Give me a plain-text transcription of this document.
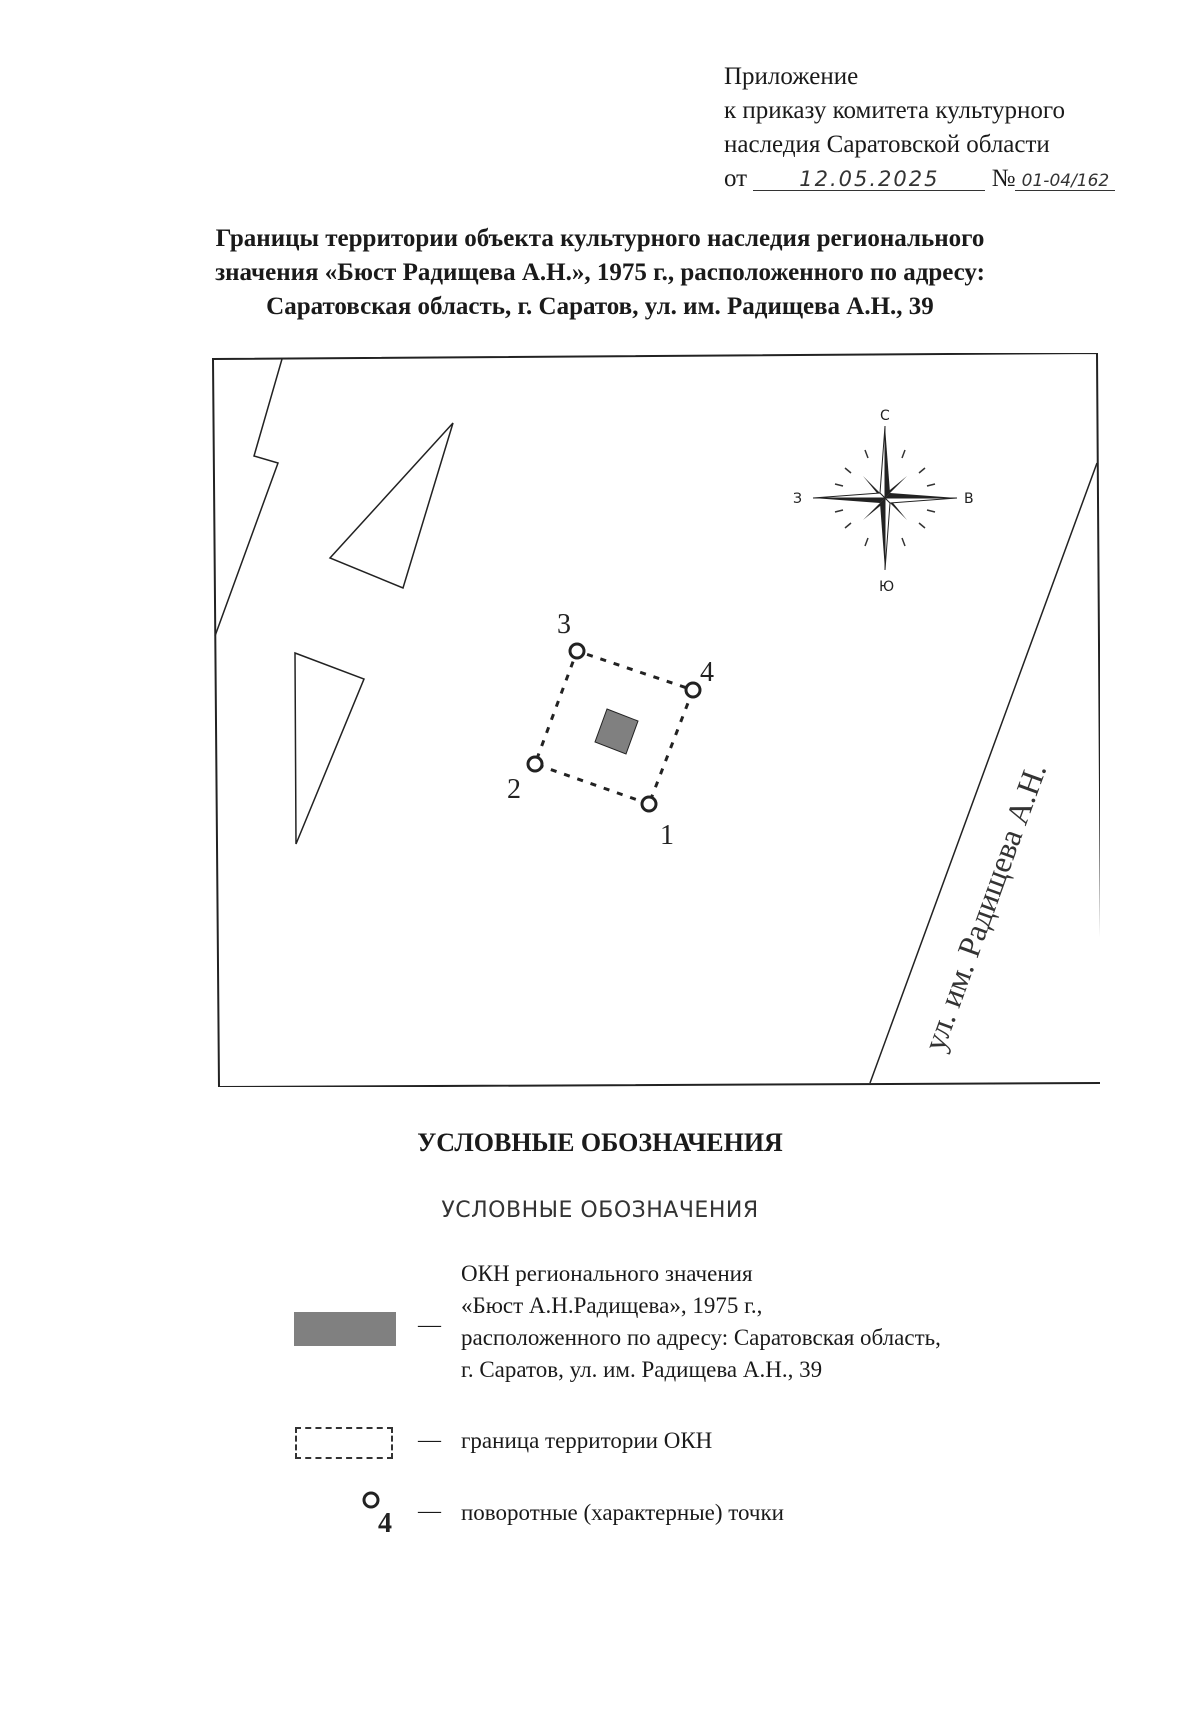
Приложение
к приказу комитета культурного
наследия Саратовской области
от 12.05.2025 № 01-04/162
Границы территории объекта культурного наследия регионального
значения «Бюст Радищева А.Н.», 1975 г., расположенного по адресу:
Саратовская область, г. Саратов, ул. им. Радищева А.Н., 39
ул. им. Радищева А.Н.
1
2
3
4
С
Ю
З	В
УСЛОВНЫЕ ОБОЗНАЧЕНИЯ
УСЛОВНЫЕ ОБОЗНАЧЕНИЯ
—
ОКН регионального значения
«Бюст А.Н.Радищева», 1975 г.,
расположенного по адресу: Саратовская область,
г. Саратов, ул. им. Радищева А.Н., 39
— граница территории ОКН
4 — поворотные (характерные) точки
